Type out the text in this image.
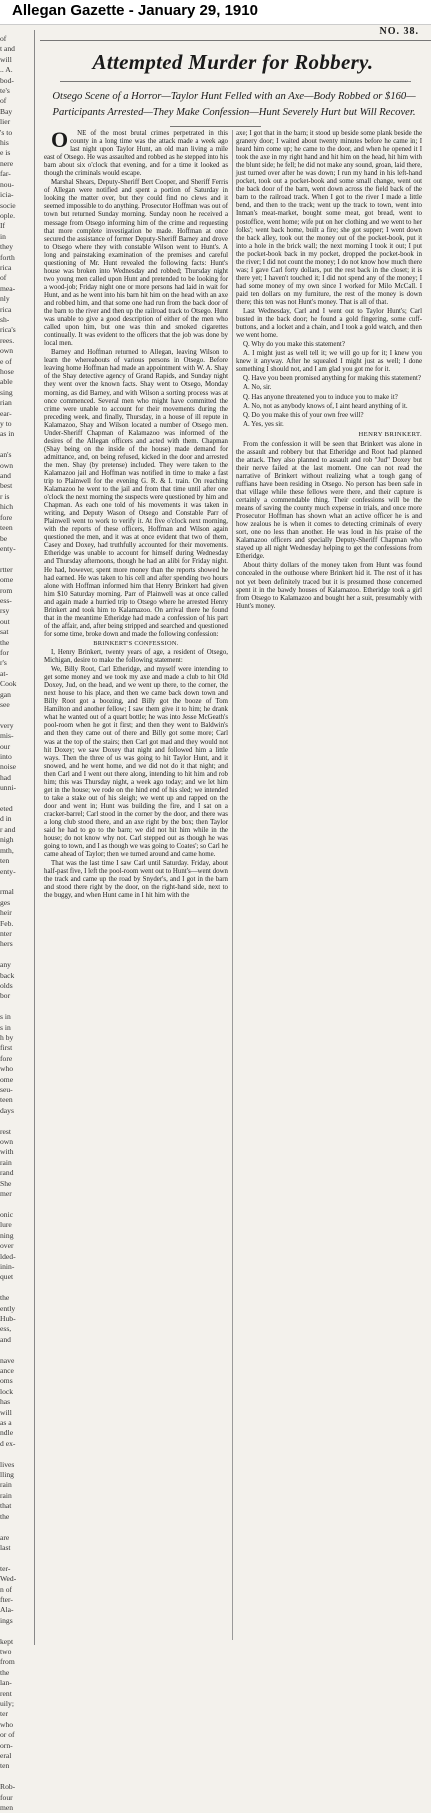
Allegan Gazette - January 29, 1910
NO. 38.

of
t and
will
.. A.
bod-
te's
of
Bay
lier
's to
his
e is
nere
far-
nou-
icia-
socie
ople.
If
in
they
forth
rica
of
mea-
nly
rica
sh-
rica's
rees.
own
e of
hose
able
sing
rian
ear-
y to
as in

an's
own
and
best
r is
hich
fore
teen
be
enty-

rtter
ome
rom
ess-
rsy
out
sat
the
for
r's
at-
Cook
gan
see

very
mis-
our
into
noise
had
unni-

eted
d in
r and
nigh
mth,
ten
enty-

rmal
ges
heir
Feb.
nter
hers

any
back
olds
bor

s in
s in
h by
first
fore
who
ome
seu-
teen
days

rest
own
with
rain
rand
She
mer

onic
lure
ning
over
lded-
inin-
quet

the
ently
Hub-
ess,
and

nave
ance
oms
lock
has
will
as a
ndle
d ex-

lives
lling
rain
rain
that
the

are
last

ter-
Wed-
n of
fter-
Ala-
ings

kept
two
from
the
lan-
rent
uily;
ter
who
or of
orn-
eral
ten

Rob-
four
men

Attempted Murder for Robbery.
Otsego Scene of a Horror—Taylor Hunt Felled with an Axe—Body Robbed or $160—Participants Arrested—They Make Confession—Hunt Severely Hurt but Will Recover.

O NE of the most brutal crimes perpetrated in this county in a long time was the attack made a week ago last night upon Taylor Hunt, an old man living a mile east of Otsego. He was assaulted and robbed as he stepped into his barn about six o'clock that evening, and for a time it looked as though the criminals would escape.

Marshal Shears, Deputy-Sheriff Bert Cooper, and Sheriff Ferris of Allegan were notified and spent a portion of Saturday in looking the matter over, but they could find no clews and it seemed impossible to do anything. Prosecutor Hoffman was out of town but returned Sunday morning. Sunday noon he received a message from Otsego informing him of the crime and requesting that more complete investigation be made. Hoffman at once secured the assistance of former Deputy-Sheriff Barney and drove to Otsego where they with constable Wilson went to Hunt's. A long and painstaking examination of the premises and careful questioning of Mr. Hunt revealed the following facts: Hunt's house was broken into Wednesday and robbed; Thursday night two young men called upon Hunt and pretended to be looking for a wood-job; Friday night one or more persons had laid in wait for Hunt, and as he went into his barn hit him on the head with an axe and robbed him, and that some one had run from the back door of the barn to the river and then up the railroad track to Otsego. Hunt was unable to give a good description of either of the men who called upon him, but one was thin and smoked cigarettes continually. It was evident to the officers that the job was done by local men.

Barney and Hoffman returned to Allegan, leaving Wilson to learn the whereabouts of various persons in Otsego. Before leaving home Hoffman had made an appointment with W. A. Shay of the Shay detective agency of Grand Rapids, and Sunday night they went over the known facts. Shay went to Otsego, Monday morning, as did Barney, and with Wilson a sorting process was at once commenced. Several men who might have committed the crime were unable to account for their movements during the preceding week, and finally, Thursday, in a house of ill repute in Kalamazoo, Shay and Wilson located a number of Otsego men. Under-Sheriff Chapman of Kalamazoo was informed of the desires of the Allegan officers and acted with them. Chapman (Shay being on the inside of the house) made demand for admittance, and, on being refused, kicked in the door and arrested the men. Shay (by pretense) included. They were taken to the Kalamazoo jail and Hoffman was notified in time to make a fast trip to Plainwell for the evening G. R. & I. train. On reaching Kalamazoo he went to the jail and from that time until after one o'clock the next morning the suspects were questioned by him and Chapman. As each one told of his movements it was taken in writing, and Deputy Wason of Otsego and Constable Parr of Plainwell went to work to verify it. At five o'clock next morning, with the reports of these officers, Hoffman and Wilson again questioned the men, and it was at once evident that two of them, Casey and Doxey, had truthfully accounted for their movements. Etheridge was unable to account for himself during Wednesday and Thursday afternoons, though he had an alibi for Friday night. He had, however, spent more money than the reports showed he had earned. He was taken to his cell and after spending two hours alone with Hoffman informed him that Henry Brinkert had given him $10 Saturday morning. Parr of Plainwell was at once called and again made a hurried trip to Otsego where he arrested Henry Brinkert and took him to Kalamazoo. On arrival there he found that in the meantime Etheridge had made a confession of his part of the affair, and, after being stripped and searched and questioned for some time, broke down and made the following confession:

BRINKERT'S CONFESSION.

I, Henry Brinkert, twenty years of age, a resident of Otsego, Michigan, desire to make the following statement:

We, Billy Root, Carl Etheridge, and myself were intending to get some money and we took my axe and made a club to hit Old Doxey, Jud, on the head, and we went up there, to the corner, the next house to his place, and then we came back down town and Billy Root got a boozing, and Billy got the booze of Tom Hamilton and another fellow; I saw them give it to him; he drank what he wanted out of a quart bottle; he was into Jesse McGeath's pool-room when he got it first; and then they went to Baldwin's and then they came out of there and Billy got some more; Carl was at the top of the stairs; then Carl got mad and they would not hit Doxey; we saw Doxey that night and followed him a little ways. Then the three of us was going to hit Taylor Hunt, and it snowed, and he went home, and we did not do it that night; and then Carl and I went out there along, intending to hit him and rob him; this was Thursday night, a week ago today; and we let him get in the house; we rode on the hind end of his sled; we intended to take a stake out of his sleigh; we went up and rapped on the door and went in; Hunt was building the fire, and I sat on a cracker-barrel; Carl stood in the corner by the door, and there was a long club stood there, and an axe right by the box; then Taylor said he had to go to the barn; we did not hit him while in the house; do not know why not. Carl stepped out as though he was going to town, and I as though we was going to Coates'; so Carl he came ahead of Taylor; then we turned around and came home.

That was the last time I saw Carl until Saturday. Friday, about half-past five, I left the pool-room went out to Hunt's—went down the track and came up the road by Snyder's, and I got in the barn and stood there right by the door, on the right-hand side, next to the buggy, and when Hunt came in I hit him with the

axe; I got that in the barn; it stood up beside some plank beside the granery door; I waited about twenty minutes before he came in; I heard him come up; he came to the door, and when he opened it I took the axe in my right hand and hit him on the head, hit him with the blunt side; he fell; he did not make any sound, groan, laid there, just turned over after he was down; I run my hand in his left-hand pocket, took out a pocket-book and some small change, went out the back door of the barn, went down across the field back of the barn to the railroad track. When I got to the river I made a little bend, and then to the track; went up the track to town, went into Inman's meat-market, bought some meat, got bread, went to postoffice, went home; wife put on her clothing and we went to her folks'; went back home, built a fire; she got supper; I went down the back alley, took out the money out of the pocket-book, put it into a hole in the brick wall; the next morning I took it out; I put the pocket-book back in my pocket, dropped the pocket-book in the river; I did not count the money; I do not know how much there was; I gave Carl forty dollars, put the rest back in the closet; it is there yet; I haven't touched it; I did not spend any of the money; I had some money of my own since I worked for Milo McCall. I paid ten dollars on my furniture, the rest of the money is down there; this ten was not Hunt's money. That is all of that.

Last Wednesday, Carl and I went out to Taylor Hunt's; Carl busted in the back door; he found a gold fingering, some cuff-buttons, and a locket and a chain, and I took a gold watch, and then we went home.

Q. Why do you make this statement?

A. I might just as well tell it; we will go up for it; I knew you knew it anyway. After he squealed I might just as well; I done something I should not, and I am glad you got me for it.

Q. Have you been promised anything for making this statement?

A. No, sir.

Q. Has anyone threatened you to induce you to make it?

A. No, not as anybody knows of, I aint heard anything of it.

Q. Do you make this of your own free will?

A. Yes, yes sir.

HENRY BRINKERT.

From the confession it will be seen that Brinkert was alone in the assault and robbery but that Etheridge and Root had planned the attack. They also planned to assault and rob "Jud" Doxey but their nerve failed at the last moment. One can not read the narrative of Brinkert without realizing what a tough gang of ruffians have been residing in Otsego. No person has been safe in that village while these fellows were there, and their capture is certainly a commendable thing. Their confessions will be the means of saving the county much expense in trials, and once more Prosecutor Hoffman has shown what an active officer he is and how zealous he is when it comes to detecting criminals of every sort, one no less than another. He was loud in his praise of the Kalamazoo officers and specially Deputy-Sheriff Chapman who stayed up all night Wednesday helping to get the confessions from Etheridge.

About thirty dollars of the money taken from Hunt was found concealed in the outhouse where Brinkert hid it. The rest of it has not yet been definitely traced but it is presumed those concerned spent it in the bawdy houses of Kalamazoo. Etheridge took a girl from Otsego to Kalamazoo and bought her a suit, presumably with Hunt's money.
